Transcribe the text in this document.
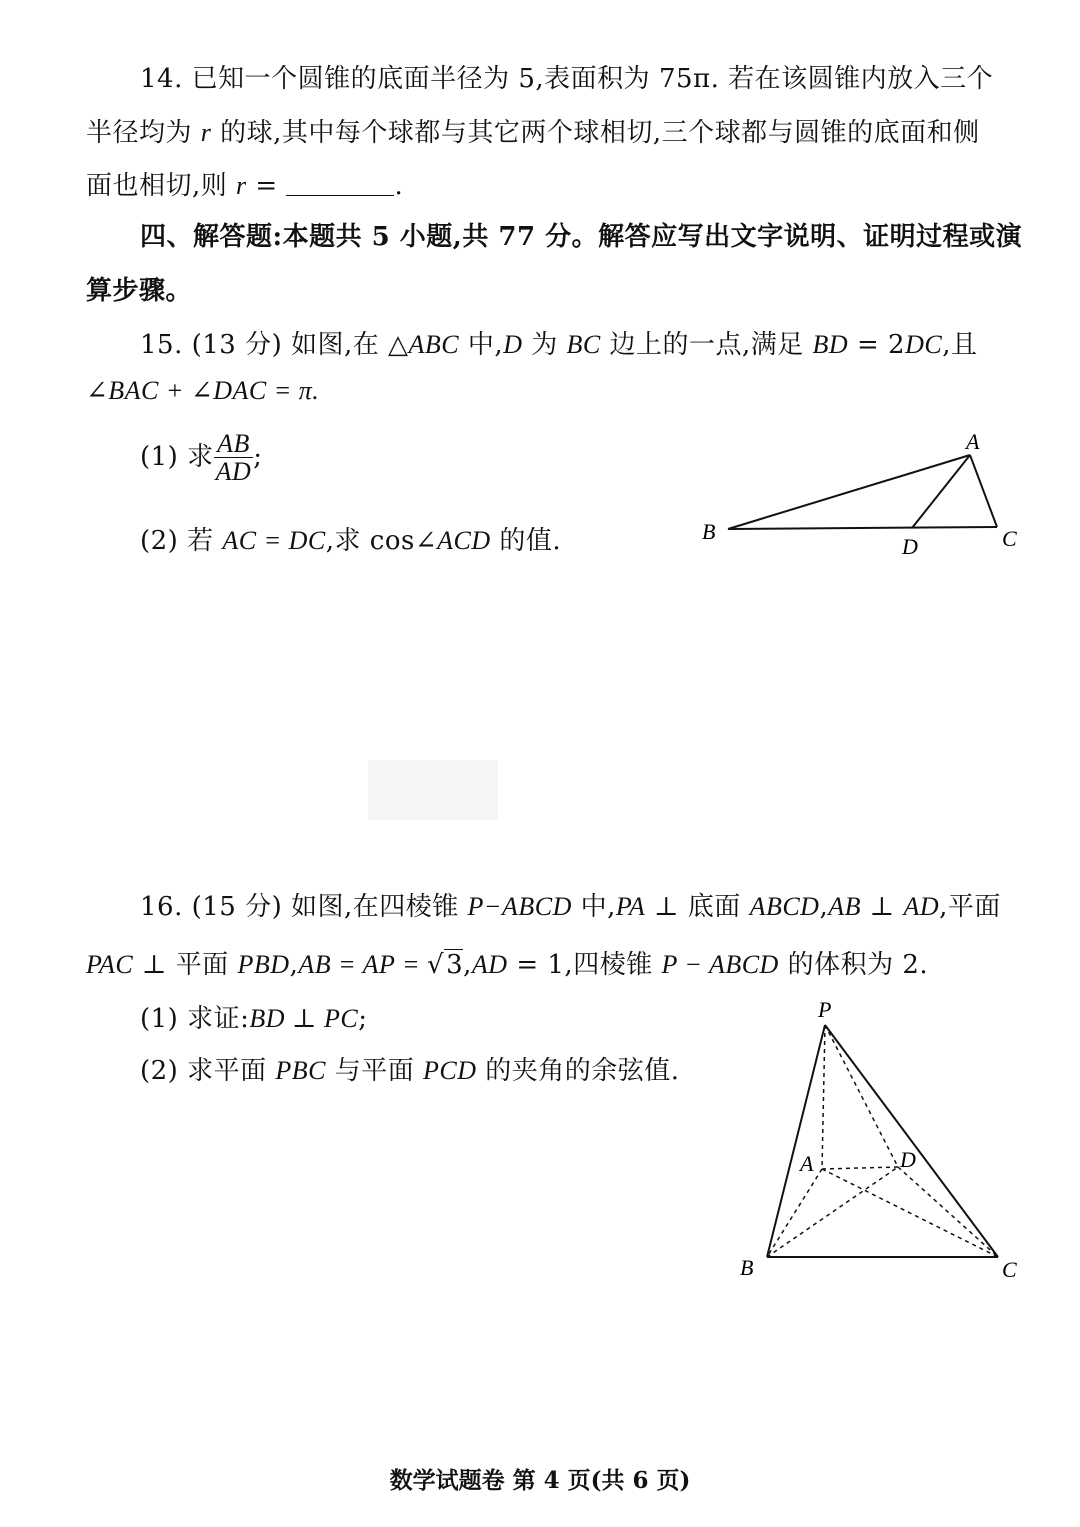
14. 已知一个圆锥的底面半径为 5,表面积为 75π. 若在该圆锥内放入三个
半径均为 r 的球,其中每个球都与其它两个球相切,三个球都与圆锥的底面和侧
面也相切,则 r =	.
四、解答题:本题共 5 小题,共 77 分。解答应写出文字说明、证明过程或演
算步骤。
15. (13 分) 如图,在 △ABC 中,D 为 BC 边上的一点,满足 BD = 2DC,且
∠BAC + ∠DAC = π.
(1) 求 $\frac{AB}{AD}$ ;
(2) 若 AC = DC,求 cos∠ACD 的值.
A
B	C
D
16. (15 分) 如图,在四棱锥 P−ABCD 中,PA ⊥ 底面 ABCD,AB ⊥ AD,平面
PAC ⊥ 平面 PBD,AB = AP = √3,AD = 1,四棱锥 P − ABCD 的体积为 2.
(1) 求证:BD ⊥ PC;
(2) 求平面 PBC 与平面 PCD 的夹角的余弦值.
P
A	D
B	C
数学试题卷 第 4 页(共 6 页)
